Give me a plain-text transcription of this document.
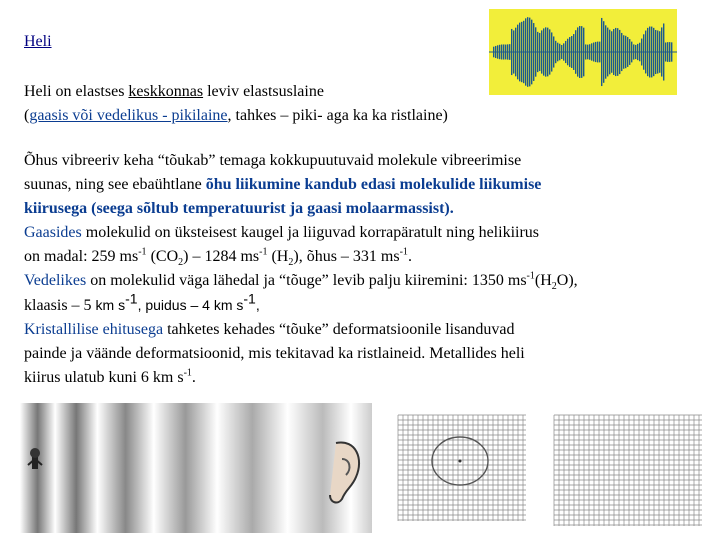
Heli
Heli on elastses keskkonnas leviv elastsuslaine
(gaasis või vedelikus - pikilaine, tahkes – piki- aga ka ka ristlaine)
Õhus vibreeriv keha “tõukab” temaga kokkupuutuvaid molekule vibreerimise
suunas, ning see ebaühtlane õhu liikumine kandub edasi molekulide liikumise
kiirusega (seega sõltub temperatuurist ja gaasi molaarmassist).
Gaasides molekulid on üksteisest kaugel ja liiguvad korrapäratult ning helikiirus
on madal: 259 $ms^{-1}$ $(CO_2) - 1284$ $ms^{-1}$ $(H_2)$, õhus – 331 $ms^{-1}$.
Vedelikes on molekulid väga lähedal ja “tõuge” levib palju kiiremini: 1350 $ms^{-1}(H_2O)$,
klaasis – 5 km $s^{-1}$, puidus – 4 km $s^{-1}$,
Kristallilise ehitusega tahketes kehades “tõuke” deformatsioonile lisanduvad
painde ja väände deformatsioonid, mis tekitavad ka ristlaineid. Metallides heli
kiirus ulatub kuni 6 km $s^{-1}$.
